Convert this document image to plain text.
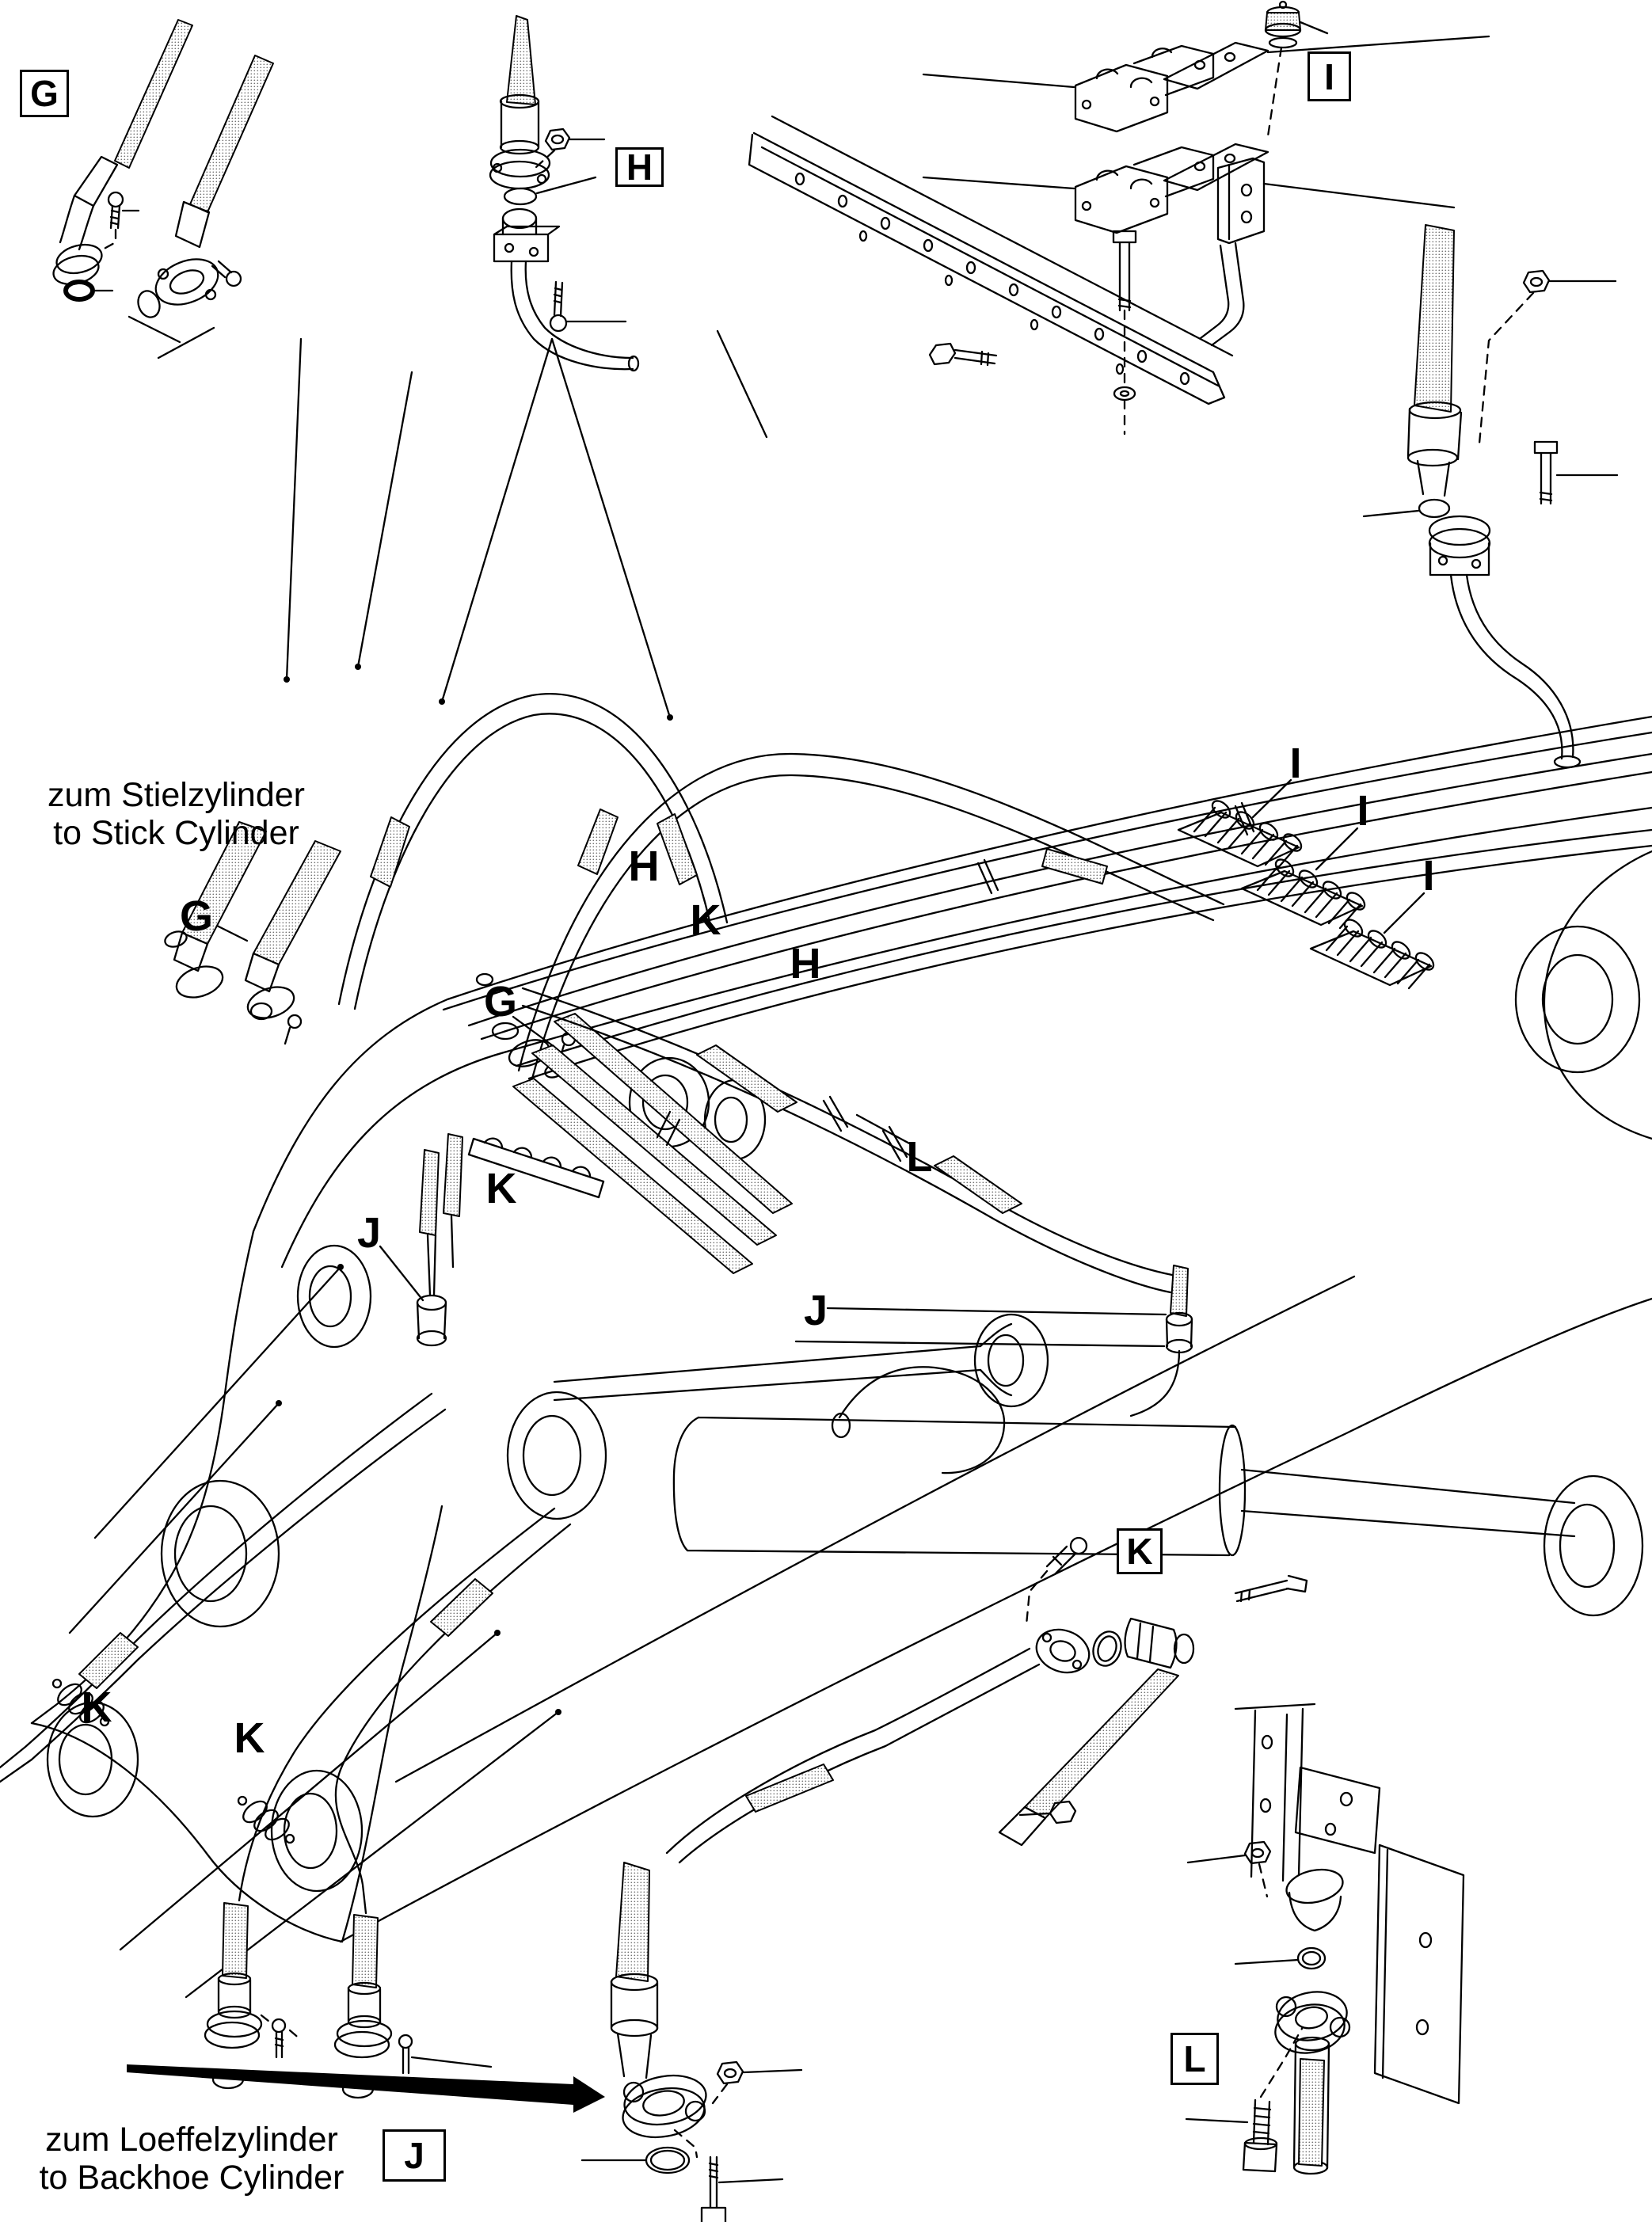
G
H
I
K
L
J
G
G
H
K
H
I
I
I
L
K
J
J
K
K
zum Stielzylinder
to Stick Cylinder
zum Loeffelzylinder
to Backhoe Cylinder
